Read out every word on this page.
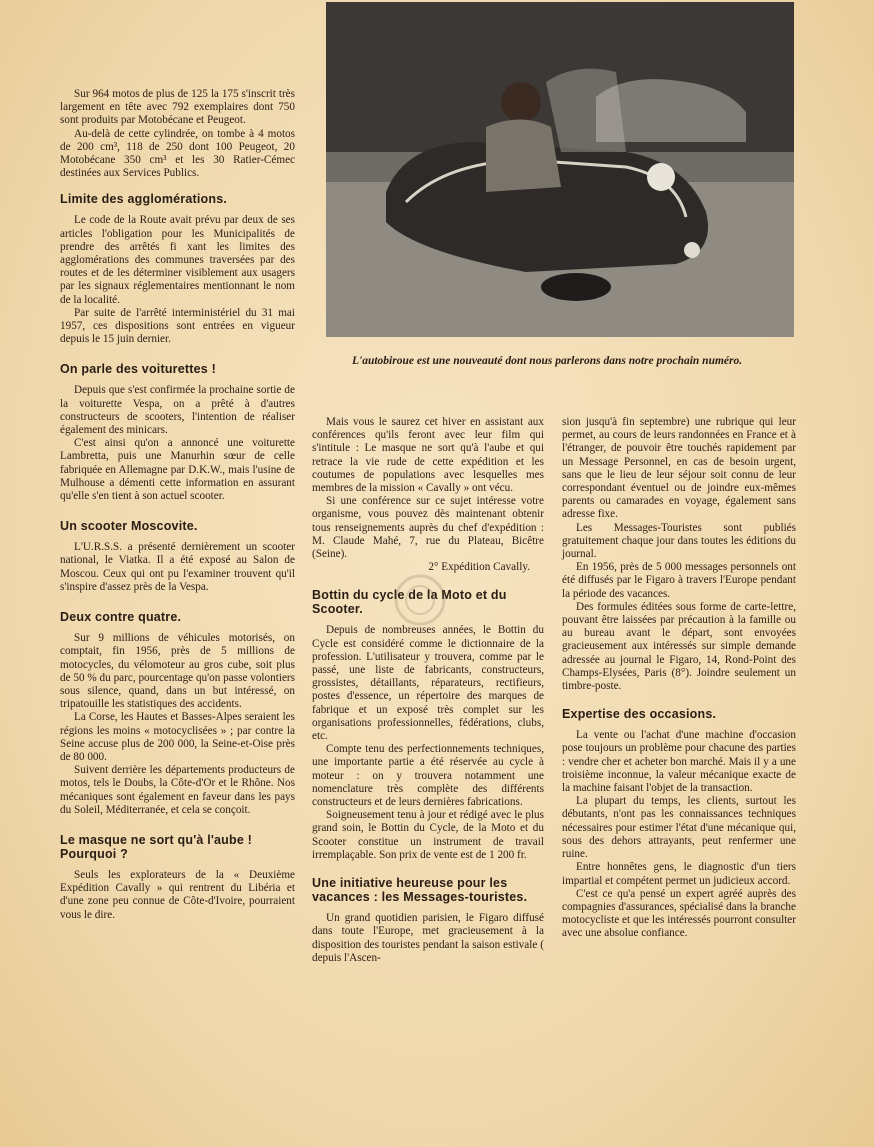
L'autobiroue est une nouveauté dont nous parlerons dans notre prochain numéro.

Sur 964 motos de plus de 125 la 175 s'inscrit très largement en tête avec 792 exemplaires dont 750 sont produits par Motobécane et Peugeot.

Au-delà de cette cylindrée, on tombe à 4 motos de 200 cm³, 118 de 250 dont 100 Peugeot, 20 Motobécane 350 cm³ et les 30 Ratier-Cémec destinées aux Services Publics.

Limite des agglomérations.

Le code de la Route avait prévu par deux de ses articles l'obligation pour les Municipalités de prendre des arrêtés fi xant les limites des agglomérations des communes traversées par des routes et de les déterminer visiblement aux usagers par les signaux réglementaires mentionnant le nom de la localité.

Par suite de l'arrêté interministériel du 31 mai 1957, ces dispositions sont entrées en vigueur depuis le 15 juin dernier.

On parle des voiturettes !

Depuis que s'est confirmée la prochaine sortie de la voiturette Vespa, on a prêté à d'autres constructeurs de scooters, l'intention de réaliser également des minicars.

C'est ainsi qu'on a annoncé une voiturette Lambretta, puis une Manurhin sœur de celle fabriquée en Allemagne par D.K.W., mais l'usine de Mulhouse a démenti cette information en assurant qu'elle s'en tient à son actuel scooter.

Un scooter Moscovite.

L'U.R.S.S. a présenté dernièrement un scooter national, le Viatka. Il a été exposé au Salon de Moscou. Ceux qui ont pu l'examiner trouvent qu'il s'inspire d'assez près de la Vespa.

Deux contre quatre.

Sur 9 millions de véhicules motorisés, on comptait, fin 1956, près de 5 millions de motocycles, du vélomoteur au gros cube, soit plus de 50 % du parc, pourcentage qu'on passe volontiers sous silence, quand, dans un but intéressé, on tripatouille les statistiques des accidents.

La Corse, les Hautes et Basses-Alpes seraient les régions les moins « motocyclisées » ; par contre la Seine accuse plus de 200 000, la Seine-et-Oise près de 80 000.

Suivent derrière les départements producteurs de motos, tels le Doubs, la Côte-d'Or et le Rhône. Nos mécaniques sont également en faveur dans les pays du Soleil, Méditerranée, et cela se conçoit.

Le masque ne sort qu'à l'aube ! Pourquoi ?

Seuls les explorateurs de la « Deuxième Expédition Cavally » qui rentrent du Libéria et d'une zone peu connue de Côte-d'Ivoire, pourraient vous le dire.

Mais vous le saurez cet hiver en assistant aux conférences qu'ils feront avec leur film qui s'intitule : Le masque ne sort qu'à l'aube et qui retrace la vie rude de cette expédition et les coutumes de populations avec lesquelles mes membres de la mission « Cavally » ont vécu.

Si une conférence sur ce sujet intéresse votre organisme, vous pouvez dès maintenant obtenir tous renseignements auprès du chef d'expédition : M. Claude Mahé, 7, rue du Plateau, Bicêtre (Seine).

2° Expédition Cavally.

Bottin du cycle de la Moto et du Scooter.

Depuis de nombreuses années, le Bottin du Cycle est considéré comme le dictionnaire de la profession. L'utilisateur y trouvera, comme par le passé, une liste de fabricants, constructeurs, grossistes, détaillants, réparateurs, rectifieurs, postes d'essence, un répertoire des marques de fabrique et un exposé très complet sur les organisations professionnelles, fédérations, clubs, etc.

Compte tenu des perfectionnements techniques, une importante partie a été réservée au cycle à moteur : on y trouvera notamment une nomenclature très complète des différents constructeurs et de leurs dernières fabrications.

Soigneusement tenu à jour et rédigé avec le plus grand soin, le Bottin du Cycle, de la Moto et du Scooter constitue un instrument de travail irremplaçable. Son prix de vente est de 1 200 fr.

Une initiative heureuse pour les vacances : les Messages-touristes.

Un grand quotidien parisien, le Figaro diffusé dans toute l'Europe, met gracieusement à la disposition des touristes pendant la saison estivale ( depuis l'Ascen-

sion jusqu'à fin septembre) une rubrique qui leur permet, au cours de leurs randonnées en France et à l'étranger, de pouvoir être touchés rapidement par un Message Personnel, en cas de besoin urgent, sans que le lieu de leur séjour soit connu de leur correspondant éventuel ou de joindre eux-mêmes parents ou camarades en voyage, également sans adresse fixe.

Les Messages-Touristes sont publiés gratuitement chaque jour dans toutes les éditions du journal.

En 1956, près de 5 000 messages personnels ont été diffusés par le Figaro à travers l'Europe pendant la période des vacances.

Des formules éditées sous forme de carte-lettre, pouvant être laissées par précaution à la famille ou au bureau avant le départ, sont envoyées gracieusement aux intéressés sur simple demande adressée au journal le Figaro, 14, Rond-Point des Champs-Elysées, Paris (8°). Joindre seulement un timbre-poste.

Expertise des occasions.

La vente ou l'achat d'une machine d'occasion pose toujours un problème pour chacune des parties : vendre cher et acheter bon marché. Mais il y a une troisième inconnue, la valeur mécanique exacte de la machine faisant l'objet de la transaction.

La plupart du temps, les clients, surtout les débutants, n'ont pas les connaissances techniques nécessaires pour estimer l'état d'une mécanique qui, sous des dehors attrayants, peut renfermer une ruine.

Entre honnêtes gens, le diagnostic d'un tiers impartial et compétent permet un judicieux accord.

C'est ce qu'a pensé un expert agréé auprès des compagnies d'assurances, spécialisé dans la branche motocycliste et que les intéressés pourront consulter avec une absolue confiance.
